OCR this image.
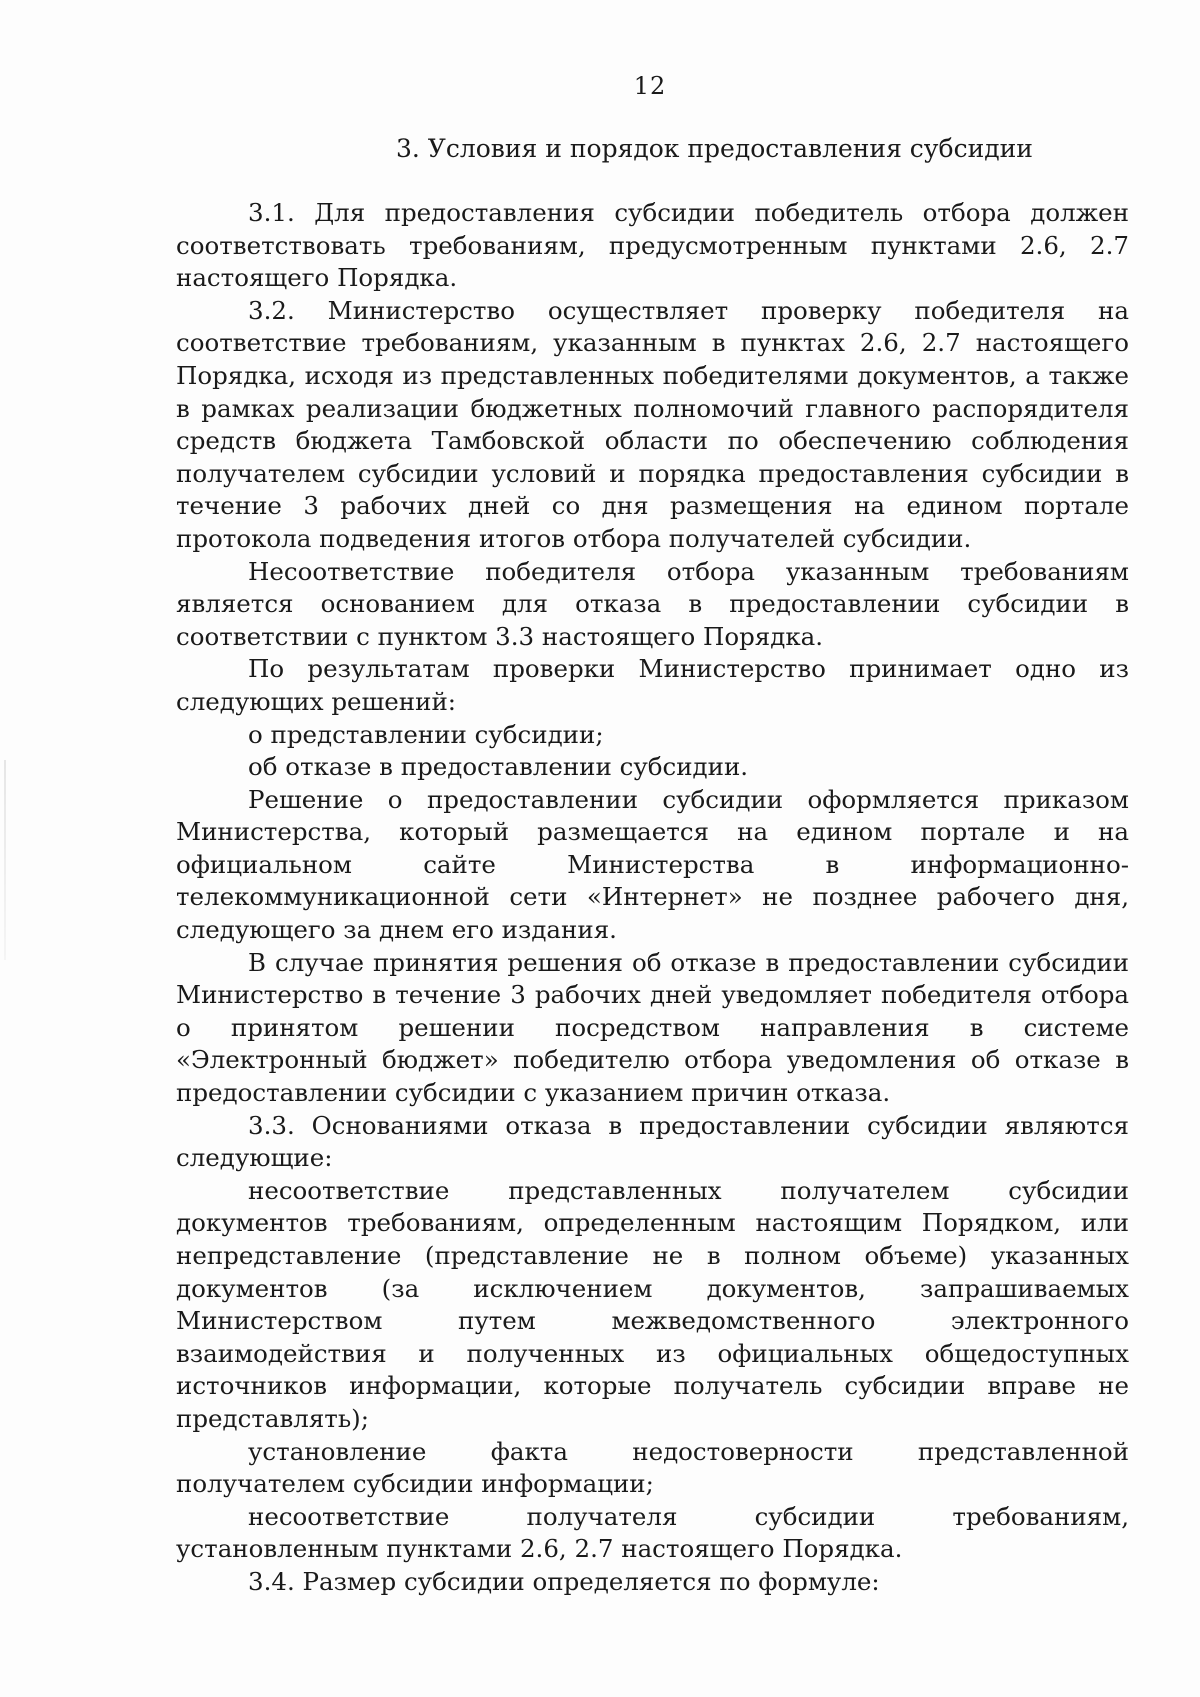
12
3. Условия и порядок предоставления субсидии

3.1. Для предоставления субсидии победитель отбора должен соответствовать требованиям, предусмотренным пунктами 2.6, 2.7 настоящего Порядка.

3.2. Министерство осуществляет проверку победителя на соответствие требованиям, указанным в пунктах 2.6, 2.7 настоящего Порядка, исходя из представленных победителями документов, а также в рамках реализации бюджетных полномочий главного распорядителя средств бюджета Тамбовской области по обеспечению соблюдения получателем субсидии условий и порядка предоставления субсидии в течение 3 рабочих дней со дня размещения на едином портале протокола подведения итогов отбора получателей субсидии.

Несоответствие победителя отбора указанным требованиям является основанием для отказа в предоставлении субсидии в соответствии с пунктом 3.3 настоящего Порядка.

По результатам проверки Министерство принимает одно из следующих решений:

о представлении субсидии;

об отказе в предоставлении субсидии.

Решение о предоставлении субсидии оформляется приказом Министерства, который размещается на едином портале и на официальном сайте Министерства в информационно-телекоммуникационной сети «Интернет» не позднее рабочего дня, следующего за днем его издания.

В случае принятия решения об отказе в предоставлении субсидии Министерство в течение 3 рабочих дней уведомляет победителя отбора о принятом решении посредством направления в системе «Электронный бюджет» победителю отбора уведомления об отказе в предоставлении субсидии с указанием причин отказа.

3.3. Основаниями отказа в предоставлении субсидии являются следующие:

несоответствие представленных получателем субсидии документов требованиям, определенным настоящим Порядком, или непредставление (представление не в полном объеме) указанных документов (за исключением документов, запрашиваемых Министерством путем межведомственного электронного взаимодействия и полученных из официальных общедоступных источников информации, которые получатель субсидии вправе не представлять);

установление факта недостоверности представленной получателем субсидии информации;

несоответствие получателя субсидии требованиям, установленным пунктами 2.6, 2.7 настоящего Порядка.

3.4. Размер субсидии определяется по формуле:
